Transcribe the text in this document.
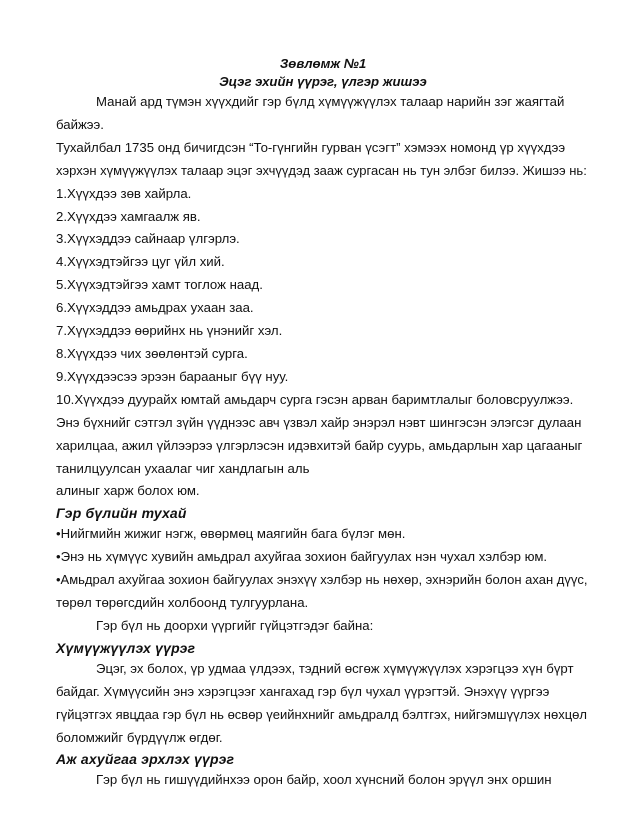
Зөвлөмж №1
Эцэг эхийн үүрэг, үлгэр жишээ

Манай ард түмэн хүүхдийг гэр бүлд хүмүүжүүлэх талаар нарийн зэг жаягтай

байжээ.

Тухайлбал 1735 онд бичигдсэн “То-гүнгийн гурван үсэгт” хэмээх номонд үр хүүхдээ

хэрхэн хүмүүжүүлэх талаар эцэг эхчүүдэд зааж сургасан нь тун элбэг билээ. Жишээ нь:

1.Хүүхдээ зөв хайрла.

2.Хүүхдээ хамгаалж яв.

3.Хүүхэддээ сайнаар үлгэрлэ.

4.Хүүхэдтэйгээ цуг үйл хий.

5.Хүүхэдтэйгээ хамт тоглож наад.

6.Хүүхэддээ амьдрах ухаан заа.

7.Хүүхэддээ өөрийнх нь үнэнийг хэл.

8.Хүүхдээ чих зөөлөнтэй сурга.

9.Хүүхдээсээ эрээн барааныг бүү нуу.

10.Хүүхдээ дуурайх юмтай амьдарч сурга гэсэн арван баримтлалыг боловсруулжээ.

Энэ бүхнийг сэтгэл зүйн үүднээс авч үзвэл хайр энэрэл нэвт шингэсэн элэгсэг дулаан

харилцаа, ажил үйлээрээ үлгэрлэсэн идэвхитэй байр суурь, амьдарлын хар цагааныг

танилцуулсан ухаалаг чиг хандлагын аль

алиныг харж болох юм.

Гэр бүлийн тухай

•Нийгмийн жижиг нэгж, өвөрмөц маягийн бага бүлэг мөн.

•Энэ нь хүмүүс хувийн амьдрал ахуйгаа зохион байгуулах нэн чухал хэлбэр юм.

•Амьдрал ахуйгаа зохион байгуулах энэхүү хэлбэр нь нөхөр, эхнэрийн болон ахан дүүс,

төрөл төрөгсдийн холбоонд тулгуурлана.

Гэр бүл нь доорхи үүргийг гүйцэтгэдэг байна:

Хүмүүжүүлэх үүрэг

Эцэг, эх болох, үр удмаа үлдээх, тэдний өсгөж хүмүүжүүлэх хэрэгцээ хүн бүрт

байдаг. Хүмүүсийн энэ хэрэгцээг хангахад гэр бүл чухал үүрэгтэй. Энэхүү үүргээ

гүйцэтгэх явцдаа гэр бүл нь өсвөр үеийнхнийг амьдралд бэлтгэх, нийгэмшүүлэх нөхцөл

боломжийг бүрдүүлж өгдөг.

Аж ахуйгаа эрхлэх үүрэг

Гэр бүл нь гишүүдийнхээ орон байр, хоол хүнсний болон эрүүл энх оршин
